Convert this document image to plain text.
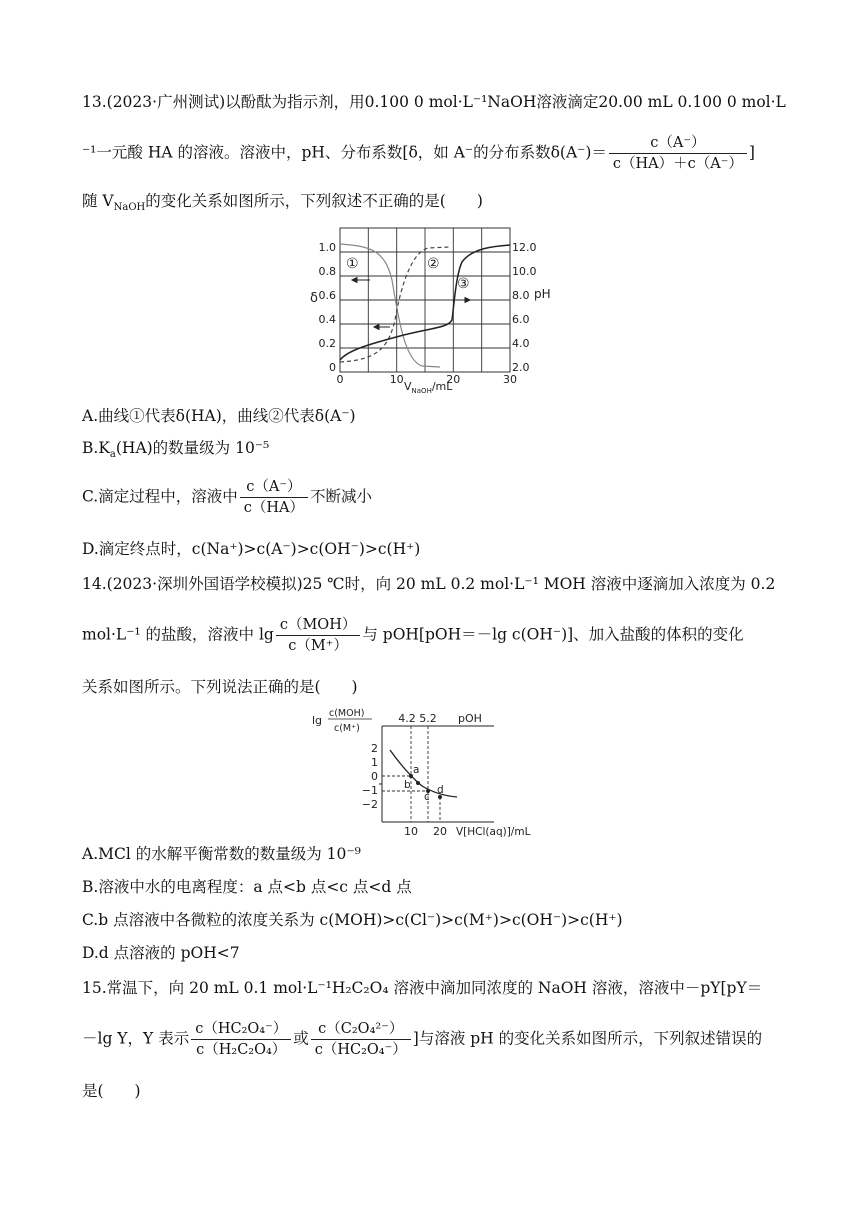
13.(2023·广州测试)以酚酞为指示剂，用0.100 0 mol·L⁻¹NaOH溶液滴定20.00 mL 0.100 0 mol·L
⁻¹一元酸 HA 的溶液。溶液中，pH、分布系数[δ，如 A⁻的分布系数$\delta(A^-)= \frac{c(A^-)}{c(HA)+c(A^-)}$ ]
随 $V_{NaOH}$的变化关系如图所示，下列叙述不正确的是(　　)
①	②
③
1.0
0.8
0.6
0.4
0.2
0
δ
12.0
10.0
8.0
6.0
4.0
2.0
pH
0	10	20	30
$V_{NaOH}/mL$
A.曲线①代表δ(HA)，曲线②代表δ(A⁻)
$B.K_a(HA)$的数量级为 10⁻⁵
C.滴定过程中，溶液中 $\frac{c(A^-)}{c(HA)}$ 不断减小
D.滴定终点时，c(Na⁺)>c(A⁻)>c(OH⁻)>c(H⁺)
14.(2023·深圳外国语学校模拟)25 ℃时，向 20 mL 0.2 mol·L⁻¹ MOH 溶液中逐滴加入浓度为 0.2
mol·L⁻¹ 的盐酸，溶液中 $\lg \frac{\text{c（MOH）}}{c(M^+)}$ 与 pOH[pOH＝－lg c(OH⁻)]、加入盐酸的体积的变化
关系如图所示。下列说法正确的是(　　)
lg
c(MOH)
c(M⁺)
a
b
c
d
4.2 5.2 pOH
2
1
0
−1
−2
10 20 V[HCl(aq)]/mL
A.MCl 的水解平衡常数的数量级为 10⁻⁹
B.溶液中水的电离程度：a 点<b 点<c 点<d 点
C.b 点溶液中各微粒的浓度关系为 c(MOH)>c(Cl⁻)>c(M⁺)>c(OH⁻)>c(H⁺)
D.d 点溶液的 pOH<7
15.常温下，向 20 mL 0.1 mol·L⁻¹H₂C₂O₄ 溶液中滴加同浓度的 NaOH 溶液，溶液中－pY[pY＝
－lg Y，Y 表示 $\frac{\text{c（HC₂O₄⁻）}}{\text{c（H₂C₂O₄）}}$ 或 $\frac{\text{c（C₂O₄²⁻）}}{\text{c（HC₂O₄⁻）}}$ ]与溶液 pH 的变化关系如图所示，下列叙述错误的
是(　　)
